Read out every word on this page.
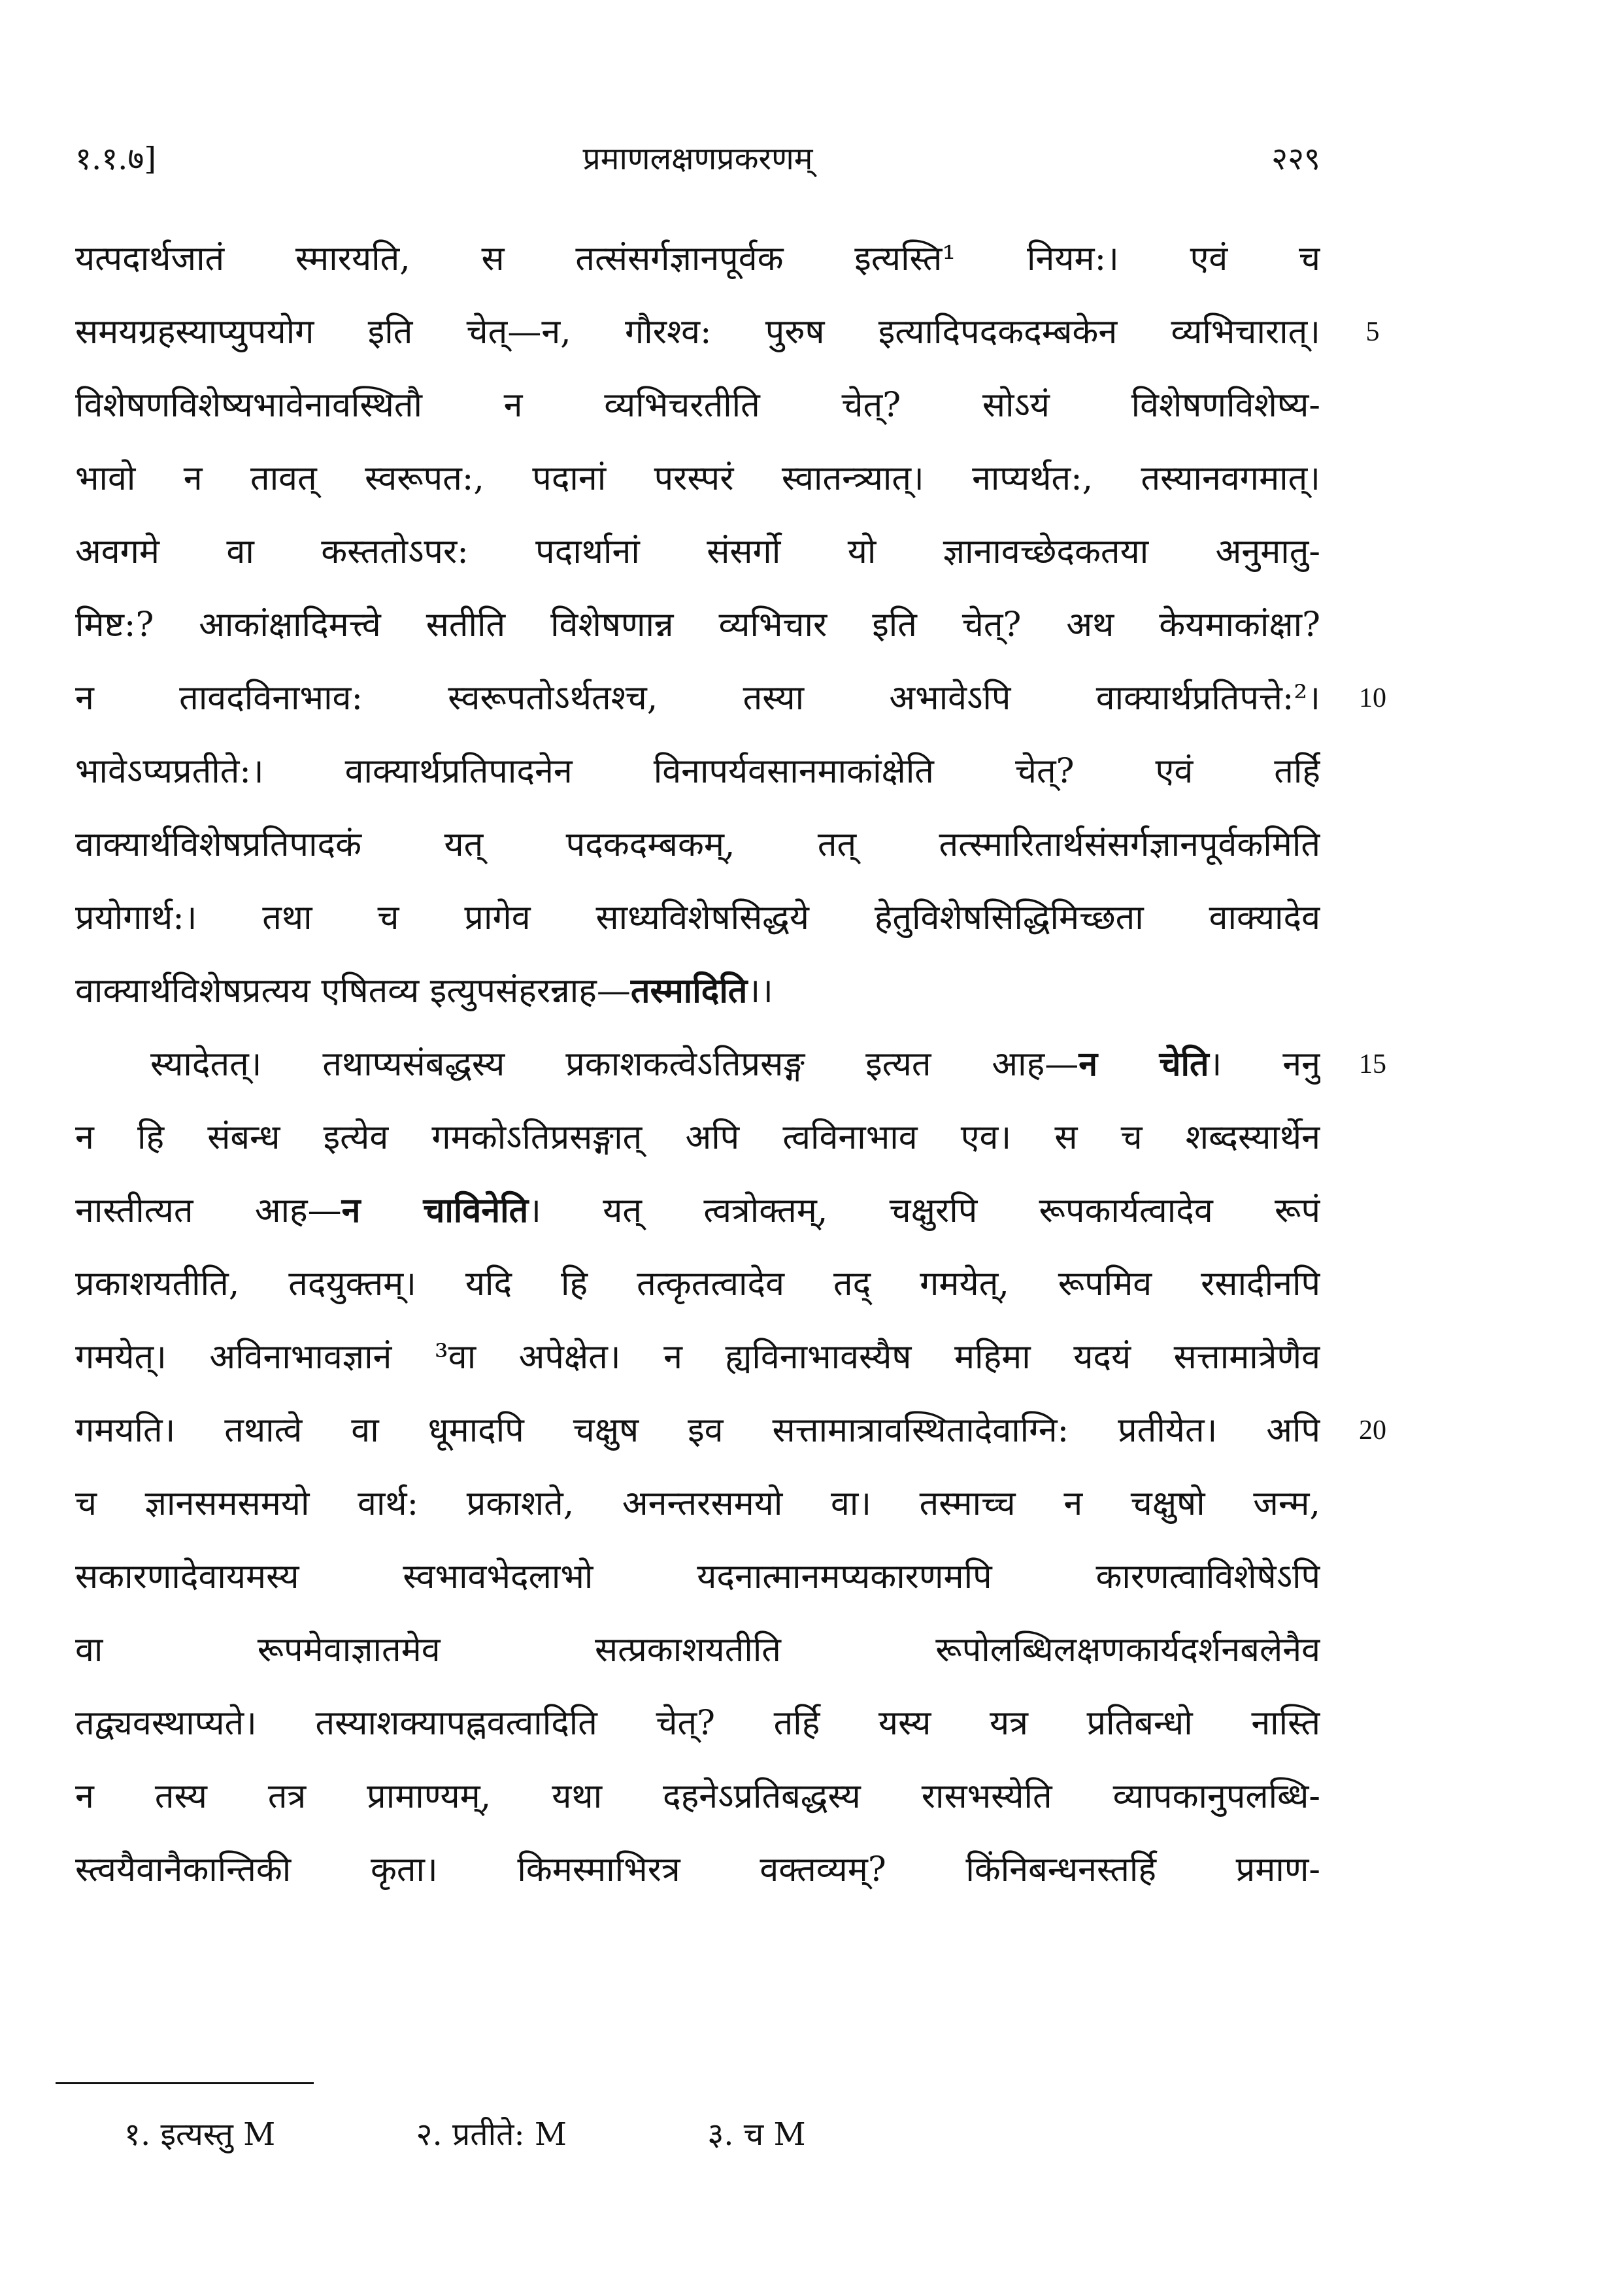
१.१.७]	प्रमाणलक्षणप्रकरणम्	२२९
यत्पदार्थजातं स्मारयति, स तत्संसर्गज्ञानपूर्वक इत्यस्ति¹ नियम:। एवं च
समयग्रहस्याप्युपयोग इति चेत्—न, गौरश्व: पुरुष इत्यादिपदकदम्बकेन व्यभिचारात्।
विशेषणविशेष्यभावेनावस्थितौ न व्यभिचरतीति चेत्? सोऽयं विशेषणविशेष्य-
भावो न तावत् स्वरूपत:, पदानां परस्परं स्वातन्त्र्यात्। नाप्यर्थत:, तस्यानवगमात्।
अवगमे वा कस्ततोऽपर: पदार्थानां संसर्गो यो ज्ञानावच्छेदकतया अनुमातु-
मिष्ट:? आकांक्षादिमत्त्वे सतीति विशेषणान्न व्यभिचार इति चेत्? अथ केयमाकांक्षा?
न तावदविनाभाव: स्वरूपतोऽर्थतश्च, तस्या अभावेऽपि वाक्यार्थप्रतिपत्ते:²।
भावेऽप्यप्रतीते:। वाक्यार्थप्रतिपादनेन विनापर्यवसानमाकांक्षेति चेत्? एवं तर्हि
वाक्यार्थविशेषप्रतिपादकं यत् पदकदम्बकम्, तत् तत्स्मारितार्थसंसर्गज्ञानपूर्वकमिति
प्रयोगार्थ:। तथा च प्रागेव साध्यविशेषसिद्धये हेतुविशेषसिद्धिमिच्छता वाक्यादेव
वाक्यार्थविशेषप्रत्यय एषितव्य इत्युपसंहरन्नाह—तस्मादिति।।
स्यादेतत्। तथाप्यसंबद्धस्य प्रकाशकत्वेऽतिप्रसङ्ग इत्यत आह—न चेति। ननु
न हि संबन्ध इत्येव गमकोऽतिप्रसङ्गात् अपि त्वविनाभाव एव। स च शब्दस्यार्थेन
नास्तीत्यत आह—न चाविनेति। यत् त्वत्रोक्तम्, चक्षुरपि रूपकार्यत्वादेव रूपं
प्रकाशयतीति, तदयुक्तम्। यदि हि तत्कृतत्वादेव तद् गमयेत्, रूपमिव रसादीनपि
गमयेत्। अविनाभावज्ञानं ³वा अपेक्षेत। न ह्यविनाभावस्यैष महिमा यदयं सत्तामात्रेणैव
गमयति। तथात्वे वा धूमादपि चक्षुष इव सत्तामात्रावस्थितादेवाग्नि: प्रतीयेत। अपि
च ज्ञानसमसमयो वार्थ: प्रकाशते, अनन्तरसमयो वा। तस्माच्च न चक्षुषो जन्म,
सकारणादेवायमस्य स्वभावभेदलाभो यदनात्मानमप्यकारणमपि कारणत्वाविशेषेऽपि
वा रूपमेवाज्ञातमेव सत्प्रकाशयतीति रूपोलब्धिलक्षणकार्यदर्शनबलेनैव
तद्व्यवस्थाप्यते। तस्याशक्यापह्नवत्वादिति चेत्? तर्हि यस्य यत्र प्रतिबन्धो नास्ति
न तस्य तत्र प्रामाण्यम्, यथा दहनेऽप्रतिबद्धस्य रासभस्येति व्यापकानुपलब्धि-
स्त्वयैवानैकान्तिकी कृता। किमस्माभिरत्र वक्तव्यम्? किंनिबन्धनस्तर्हि प्रमाण-
5
10
15
20
१. इत्यस्तु M	२. प्रतीते: M	३. च M
